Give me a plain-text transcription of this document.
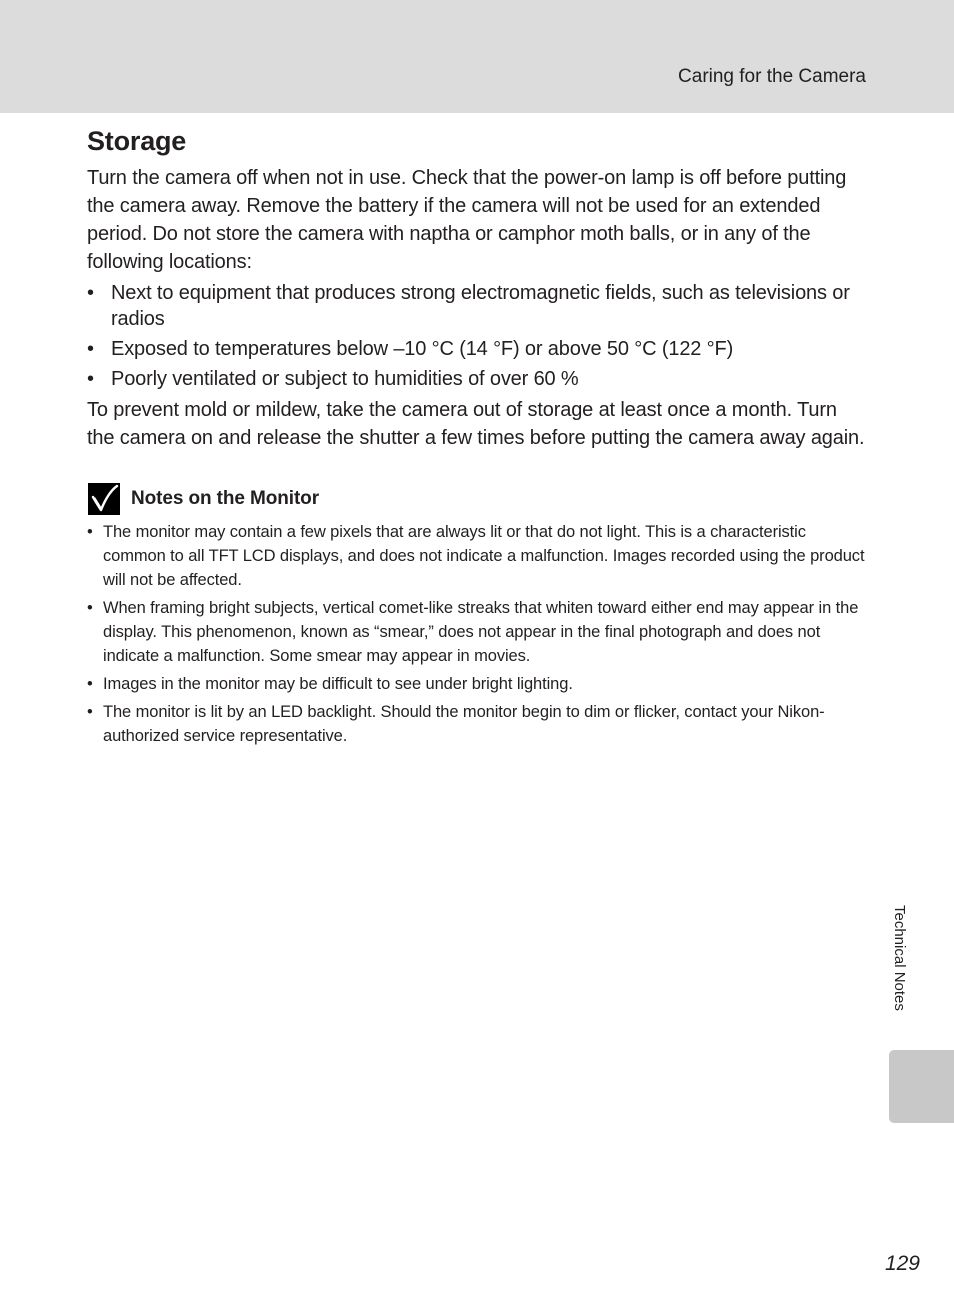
Caring for the Camera
Storage

Turn the camera off when not in use. Check that the power-on lamp is off before putting the camera away. Remove the battery if the camera will not be used for an extended period. Do not store the camera with naptha or camphor moth balls, or in any of the following locations:

• Next to equipment that produces strong electromagnetic fields, such as televisions or radios
• Exposed to temperatures below –10 °C (14 °F) or above 50 °C (122 °F)
• Poorly ventilated or subject to humidities of over 60 %

To prevent mold or mildew, take the camera out of storage at least once a month. Turn the camera on and release the shutter a few times before putting the camera away again.

Notes on the Monitor
• The monitor may contain a few pixels that are always lit or that do not light. This is a characteristic common to all TFT LCD displays, and does not indicate a malfunction. Images recorded using the product will not be affected.
• When framing bright subjects, vertical comet-like streaks that whiten toward either end may appear in the display. This phenomenon, known as “smear,” does not appear in the final photograph and does not indicate a malfunction. Some smear may appear in movies.
• Images in the monitor may be difficult to see under bright lighting.
• The monitor is lit by an LED backlight. Should the monitor begin to dim or flicker, contact your Nikon-authorized service representative.
Technical Notes
129
